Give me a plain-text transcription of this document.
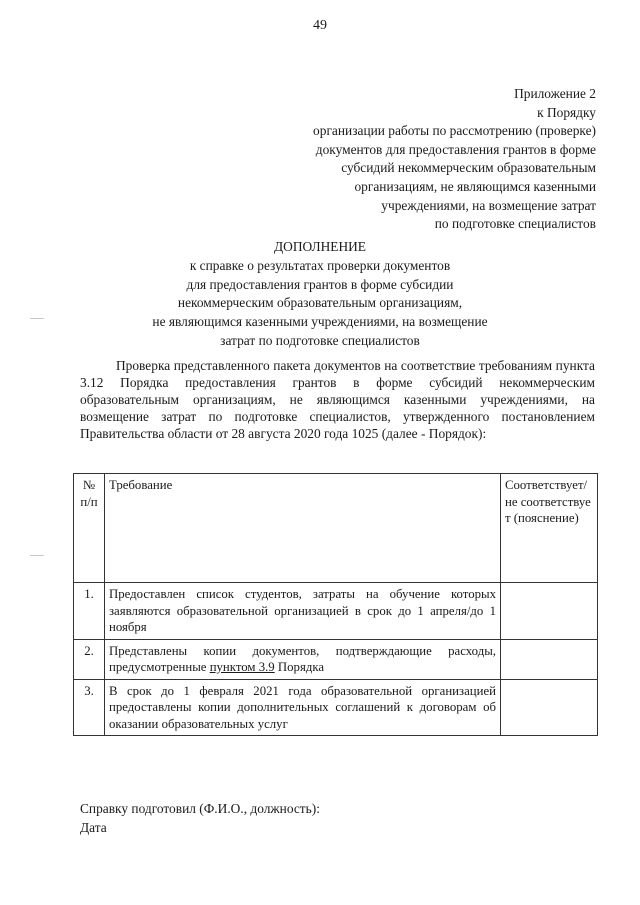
49
Приложение 2
к Порядку
организации работы по рассмотрению (проверке)
документов для предоставления грантов в форме
субсидий некоммерческим образовательным
организациям, не являющимся казенными
учреждениями, на возмещение затрат
по подготовке специалистов
ДОПОЛНЕНИЕ
к справке о результатах проверки документов
для предоставления грантов в форме субсидии
некоммерческим образовательным организациям,
не являющимся казенными учреждениями, на возмещение
затрат по подготовке специалистов
Проверка представленного пакета документов на соответствие требованиям пункта 3.12 Порядка предоставления грантов в форме субсидий некоммерческим образовательным организациям, не являющимся казенными учреждениями, на возмещение затрат по подготовке специалистов, утвержденного постановлением Правительства области от 28 августа 2020 года 1025 (далее - Порядок):
№ п/п	Требование	Соответствует/не соответствует (пояснение)
1.	Предоставлен список студентов, затраты на обучение которых заявляются образовательной организацией в срок до 1 апреля/до 1 ноября	
2.	Представлены копии документов, подтверждающие расходы, предусмотренные пунктом 3.9 Порядка	
3.	В срок до 1 февраля 2021 года образовательной организацией предоставлены копии дополнительных соглашений к договорам об оказании образовательных услуг	
Справку подготовил (Ф.И.О., должность):
Дата
